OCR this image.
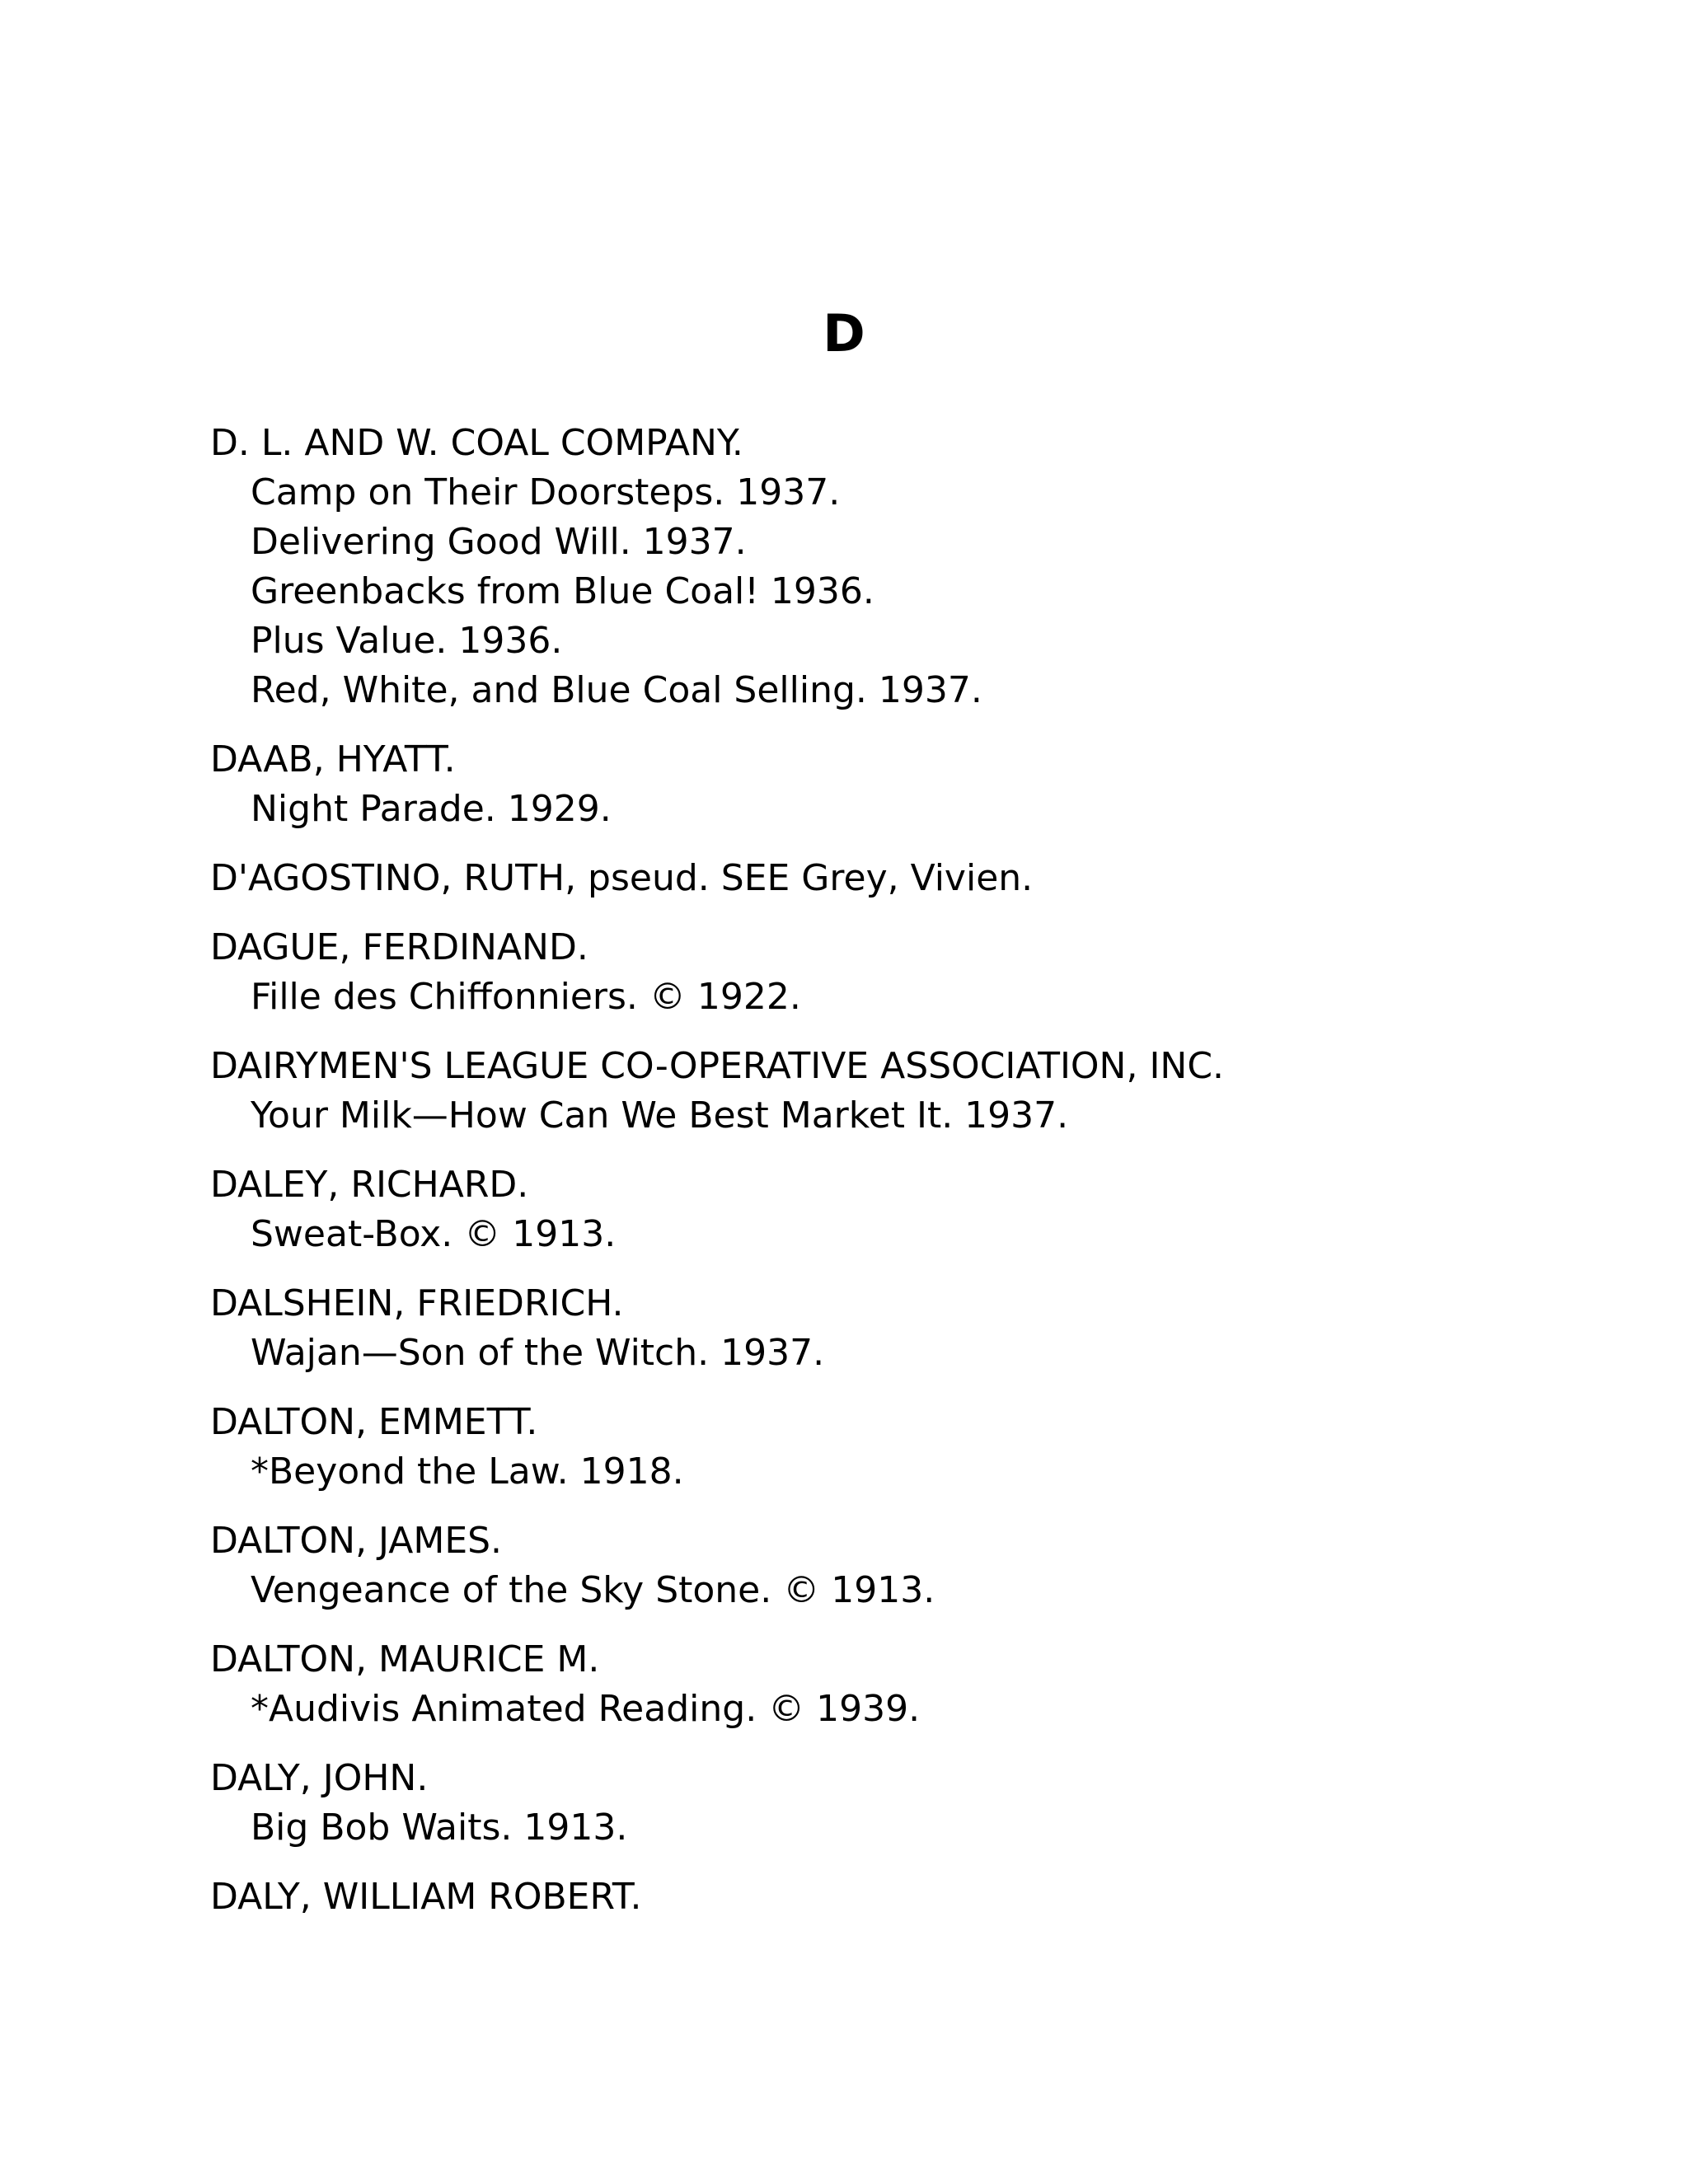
D
D. L. AND W. COAL COMPANY.
Camp on Their Doorsteps. 1937.
Delivering Good Will. 1937.
Greenbacks from Blue Coal! 1936.
Plus Value. 1936.
Red, White, and Blue Coal Selling. 1937.
DAAB, HYATT.
Night Parade. 1929.
D'AGOSTINO, RUTH, pseud. SEE Grey, Vivien.
DAGUE, FERDINAND.
Fille des Chiffonniers. © 1922.
DAIRYMEN'S LEAGUE CO-OPERATIVE ASSOCIATION, INC.
Your Milk—How Can We Best Market It. 1937.
DALEY, RICHARD.
Sweat-Box. © 1913.
DALSHEIN, FRIEDRICH.
Wajan—Son of the Witch. 1937.
DALTON, EMMETT.
*Beyond the Law. 1918.
DALTON, JAMES.
Vengeance of the Sky Stone. © 1913.
DALTON, MAURICE M.
*Audivis Animated Reading. © 1939.
DALY, JOHN.
Big Bob Waits. 1913.
DALY, WILLIAM ROBERT.
